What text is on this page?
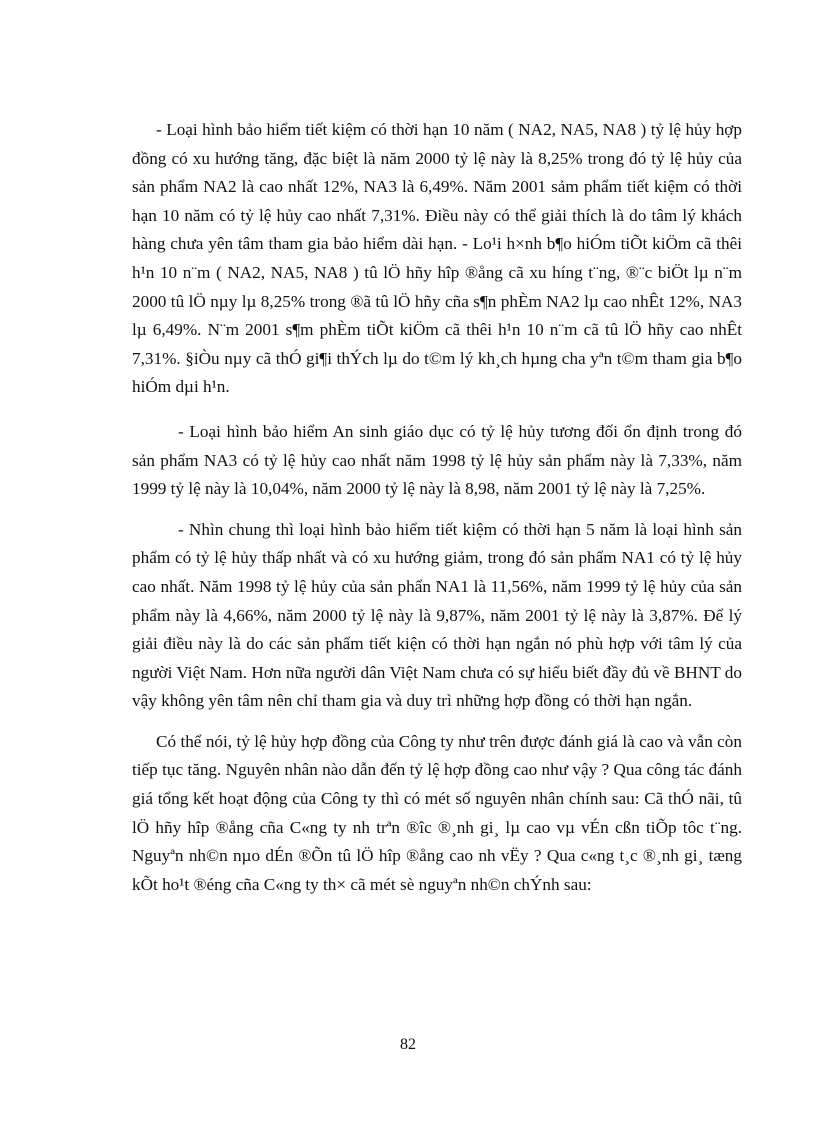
- Loại hình bảo hiểm tiết kiệm có thời hạn 10 năm ( NA2, NA5, NA8 ) tỷ lệ hủy hợp đồng có xu hướng tăng, đặc biệt là năm 2000 tỷ lệ này là 8,25% trong đó tỷ lệ hủy của sản phẩm NA2 là cao nhất 12%, NA3 là 6,49%. Năm 2001 sảm phẩm tiết kiệm có thời hạn 10 năm có tỷ lệ hủy cao nhất 7,31%. Điều này có thể giải thích là do tâm lý khách hàng chưa yên tâm tham gia bảo hiểm dài hạn. - Lo¹i h×nh b¶o hiÓm tiÕt kiÖm cã thêi h¹n 10 n¨m ( NA2, NA5, NA8 ) tû lÖ hñy hîp ®ång cã xu híng t¨ng, ®¨c biÖt lµ n¨m 2000 tû lÖ nµy lµ 8,25% trong ®ã tû lÖ hñy cña s¶n phÈm NA2 lµ cao nhÊt 12%, NA3 lµ 6,49%. N¨m 2001 s¶m phÈm tiÕt kiÖm cã thêi h¹n 10 n¨m cã tû lÖ hñy cao nhÊt 7,31%. §iÒu nµy cã thÓ gi¶i thÝch lµ do t©m lý kh¸ch hµng cha yªn t©m tham gia b¶o hiÓm dµi h¹n.

- Loại hình bảo hiểm An sinh giáo dục có tỷ lệ hủy tương đối ổn định trong đó sản phẩm NA3 có tỷ lệ hủy cao nhất năm 1998 tỷ lệ hủy sản phẩm này là 7,33%, năm 1999 tỷ lệ này là 10,04%, năm 2000 tỷ lệ này là 8,98, năm 2001 tỷ lệ này là 7,25%.

- Nhìn chung thì loại hình bảo hiểm tiết kiệm có thời hạn 5 năm là loại hình sản phẩm có tỷ lệ hủy thấp nhất và có xu hướng giảm, trong đó sản phẩm NA1 có tỷ lệ hủy cao nhất. Năm 1998 tỷ lệ hủy của sản phẩn NA1 là 11,56%, năm 1999 tỷ lệ hủy của sản phẩm này là 4,66%, năm 2000 tỷ lệ này là 9,87%, năm 2001 tỷ lệ này là 3,87%. Để lý giải điều này là do các sản phẩm tiết kiện có thời hạn ngắn nó phù hợp với tâm lý của người Việt Nam. Hơn nữa người dân Việt Nam chưa có sự hiểu biết đầy đủ về BHNT do vậy không yên tâm nên chỉ tham gia và duy trì những hợp đồng có thời hạn ngắn.

Có thể nói, tỷ lệ hủy hợp đồng của Công ty như trên được đánh giá là cao và vẫn còn tiếp tục tăng. Nguyên nhân nào dẫn đến tỷ lệ hợp đồng cao như vậy ? Qua công tác đánh giá tổng kết hoạt động của Công ty thì có mét số nguyên nhân chính sau: Cã thÓ nãi, tû lÖ hñy hîp ®ång cña C«ng ty nh trªn ®îc ®¸nh gi¸ lµ cao vµ vÉn cßn tiÕp tôc t¨ng. Nguyªn nh©n nµo dÉn ®Õn tû lÖ hîp ®ång cao nh vËy ? Qua c«ng t¸c ®¸nh gi¸ tæng kÕt ho¹t ®éng cña C«ng ty th× cã mét sè nguyªn nh©n chÝnh sau:

82
